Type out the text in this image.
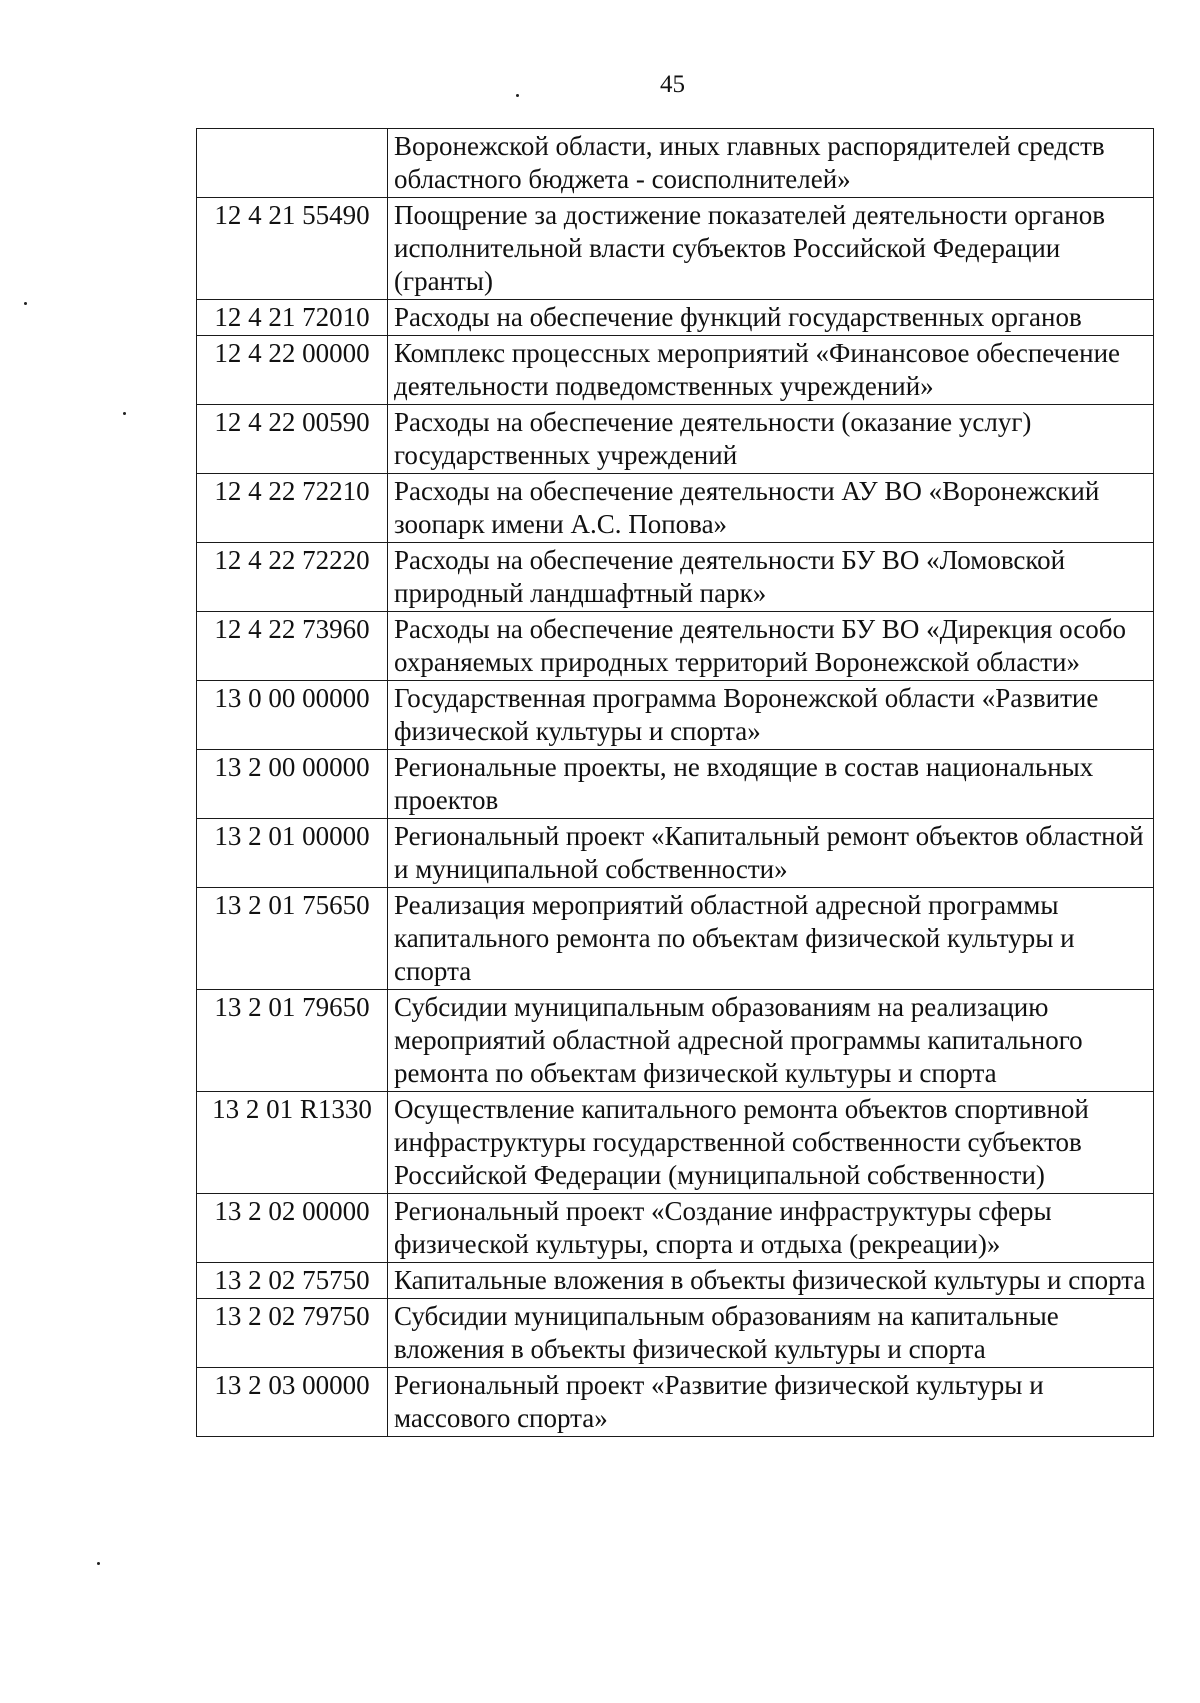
45
	Воронежской области, иных главных распорядителей средств областного бюджета - соисполнителей»
12 4 21 55490	Поощрение за достижение показателей деятельности органов исполнительной власти субъектов Российской Федерации (гранты)
12 4 21 72010	Расходы на обеспечение функций государственных органов
12 4 22 00000	Комплекс процессных мероприятий «Финансовое обеспечение деятельности подведомственных учреждений»
12 4 22 00590	Расходы на обеспечение деятельности (оказание услуг) государственных учреждений
12 4 22 72210	Расходы на обеспечение деятельности АУ ВО «Воронежский зоопарк имени А.С. Попова»
12 4 22 72220	Расходы на обеспечение деятельности БУ ВО «Ломовской природный ландшафтный парк»
12 4 22 73960	Расходы на обеспечение деятельности БУ ВО «Дирекция особо охраняемых природных территорий Воронежской области»
13 0 00 00000	Государственная программа Воронежской области «Развитие физической культуры и спорта»
13 2 00 00000	Региональные проекты, не входящие в состав национальных проектов
13 2 01 00000	Региональный проект «Капитальный ремонт объектов областной и муниципальной собственности»
13 2 01 75650	Реализация мероприятий областной адресной программы капитального ремонта по объектам физической культуры и спорта
13 2 01 79650	Субсидии муниципальным образованиям на реализацию мероприятий областной адресной программы капитального ремонта по объектам физической культуры и спорта
13 2 01 R1330	Осуществление капитального ремонта объектов спортивной инфраструктуры государственной собственности субъектов Российской Федерации (муниципальной собственности)
13 2 02 00000	Региональный проект «Создание инфраструктуры сферы физической культуры, спорта и отдыха (рекреации)»
13 2 02 75750	Капитальные вложения в объекты физической культуры и спорта
13 2 02 79750	Субсидии муниципальным образованиям на капитальные вложения в объекты физической культуры и спорта
13 2 03 00000	Региональный проект «Развитие физической культуры и массового спорта»
